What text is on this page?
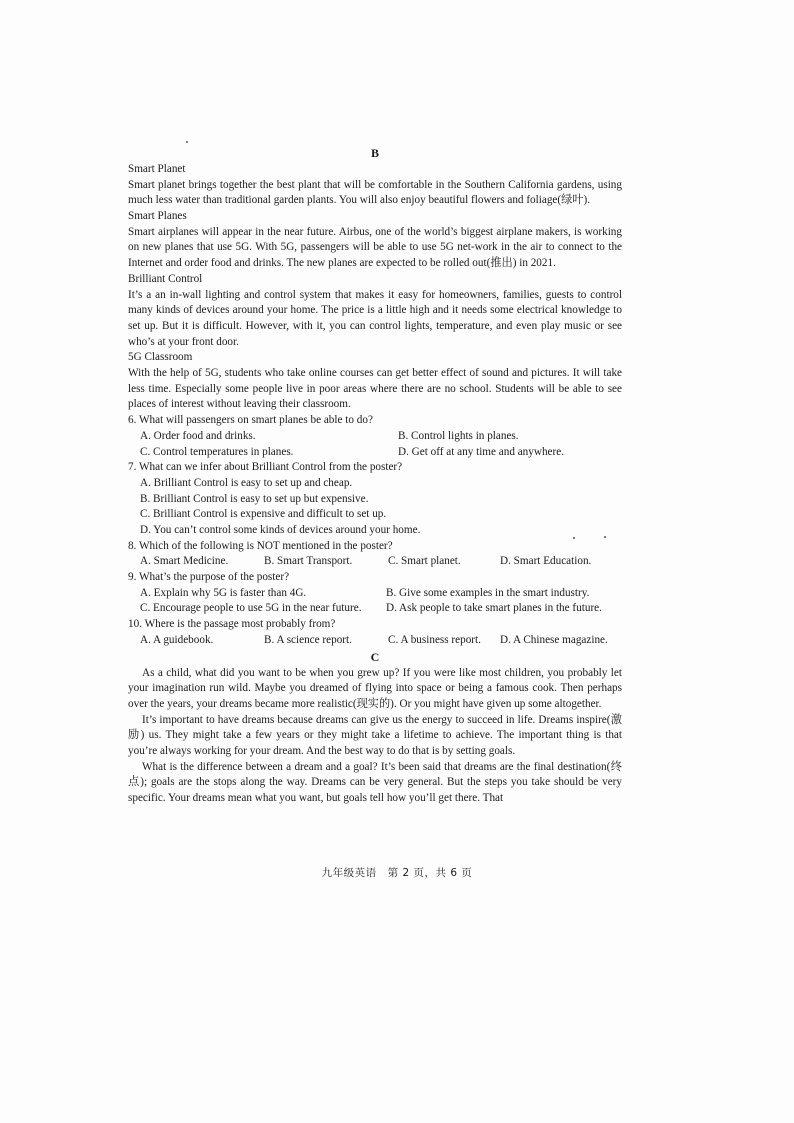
B

Smart Planet

Smart planet brings together the best plant that will be comfortable in the Southern California gardens, using much less water than traditional garden plants. You will also enjoy beautiful flowers and foliage(绿叶).

Smart Planes

Smart airplanes will appear in the near future. Airbus, one of the world’s biggest airplane makers, is working on new planes that use 5G. With 5G, passengers will be able to use 5G net-work in the air to connect to the Internet and order food and drinks. The new planes are expected to be rolled out(推出) in 2021.

Brilliant Control

It’s a an in-wall lighting and control system that makes it easy for homeowners, families, guests to control many kinds of devices around your home. The price is a little high and it needs some electrical knowledge to set up. But it is difficult. However, with it, you can control lights, temperature, and even play music or see who’s at your front door.

5G Classroom

With the help of 5G, students who take online courses can get better effect of sound and pictures. It will take less time. Especially some people live in poor areas where there are no school. Students will be able to see places of interest without leaving their classroom.

6. What will passengers on smart planes be able to do?

A. Order food and drinks.	B. Control lights in planes.
C. Control temperatures in planes.	D. Get off at any time and anywhere.

7. What can we infer about Brilliant Control from the poster?

A. Brilliant Control is easy to set up and cheap.

B. Brilliant Control is easy to set up but expensive.

C. Brilliant Control is expensive and difficult to set up.

D. You can’t control some kinds of devices around your home.

8. Which of the following is NOT mentioned in the poster?

A. Smart Medicine.	B. Smart Transport.	C. Smart planet.	D. Smart Education.

9. What’s the purpose of the poster?

A. Explain why 5G is faster than 4G.	B. Give some examples in the smart industry.
C. Encourage people to use 5G in the near future.	D. Ask people to take smart planes in the future.

10. Where is the passage most probably from?

A. A guidebook.	B. A science report.	C. A business report.	D. A Chinese magazine.

C

As a child, what did you want to be when you grew up? If you were like most children, you probably let your imagination run wild. Maybe you dreamed of flying into space or being a famous cook. Then perhaps over the years, your dreams became more realistic(现实的). Or you might have given up some altogether.

It’s important to have dreams because dreams can give us the energy to succeed in life. Dreams inspire(激励) us. They might take a few years or they might take a lifetime to achieve. The important thing is that you’re always working for your dream. And the best way to do that is by setting goals.

What is the difference between a dream and a goal? It’s been said that dreams are the final destination(终点); goals are the stops along the way. Dreams can be very general. But the steps you take should be very specific. Your dreams mean what you want, but goals tell how you’ll get there. That

九年级英语　第 2 页，共 6 页
